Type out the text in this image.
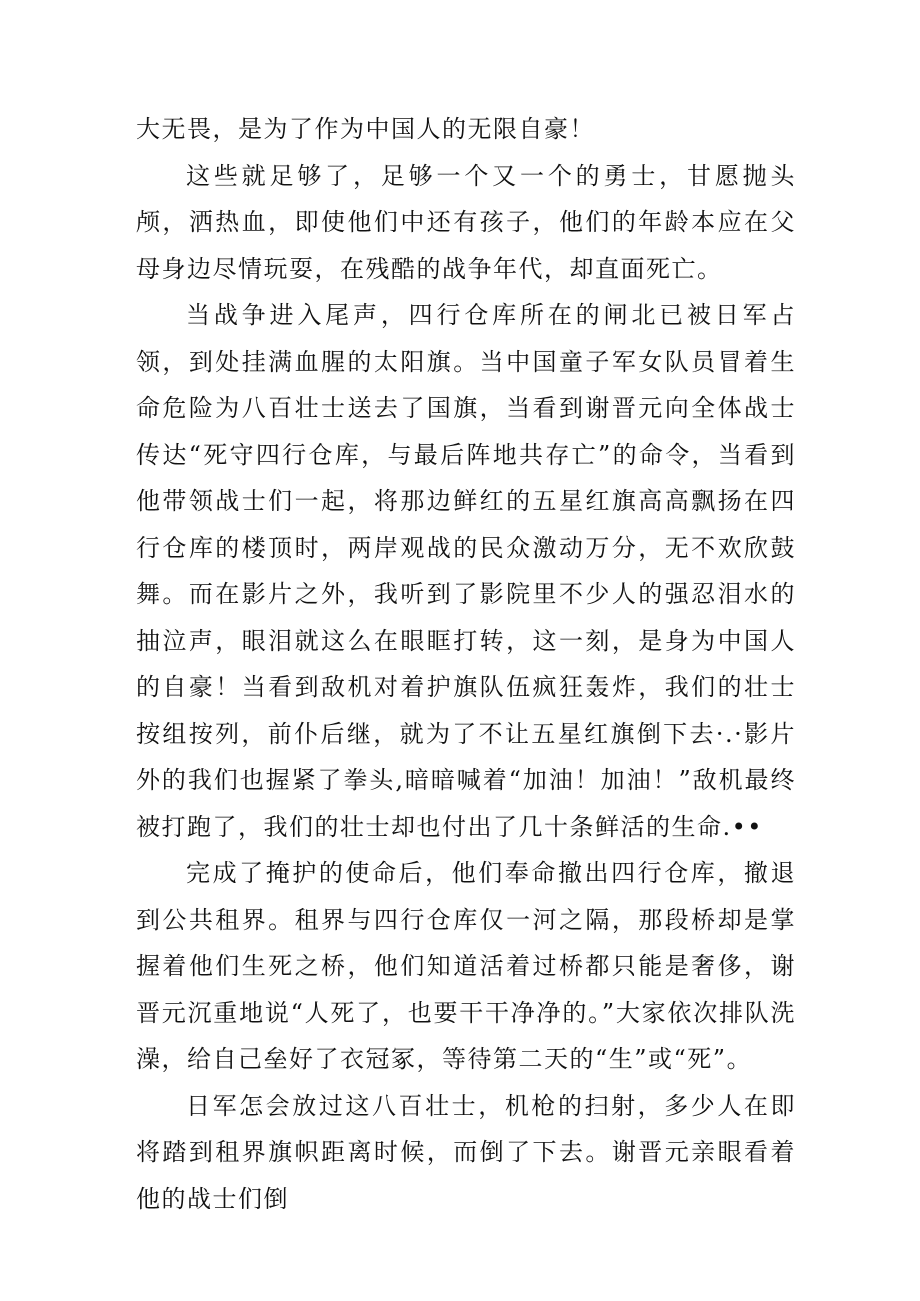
大无畏，是为了作为中国人的无限自豪！

这些就足够了，足够一个又一个的勇士，甘愿抛头颅，洒热血，即使他们中还有孩子，他们的年龄本应在父母身边尽情玩耍，在残酷的战争年代，却直面死亡。

当战争进入尾声，四行仓库所在的闸北已被日军占领，到处挂满血腥的太阳旗。当中国童子军女队员冒着生命危险为八百壮士送去了国旗，当看到谢晋元向全体战士传达“死守四行仓库，与最后阵地共存亡”的命令，当看到他带领战士们一起，将那边鲜红的五星红旗高高飘扬在四行仓库的楼顶时，两岸观战的民众激动万分，无不欢欣鼓舞。而在影片之外，我听到了影院里不少人的强忍泪水的抽泣声，眼泪就这么在眼眶打转，这一刻，是身为中国人的自豪！当看到敌机对着护旗队伍疯狂轰炸，我们的壮士按组按列，前仆后继，就为了不让五星红旗倒下去·.·影片外的我们也握紧了拳头,暗暗喊着“加油！加油！”敌机最终被打跑了，我们的壮士却也付出了几十条鲜活的生命.••

完成了掩护的使命后，他们奉命撤出四行仓库，撤退到公共租界。租界与四行仓库仅一河之隔，那段桥却是掌握着他们生死之桥，他们知道活着过桥都只能是奢侈，谢晋元沉重地说“人死了，也要干干净净的。”大家依次排队洗澡，给自己垒好了衣冠冢，等待第二天的“生”或“死”。

日军怎会放过这八百壮士，机枪的扫射，多少人在即将踏到租界旗帜距离时候，而倒了下去。谢晋元亲眼看着他的战士们倒
